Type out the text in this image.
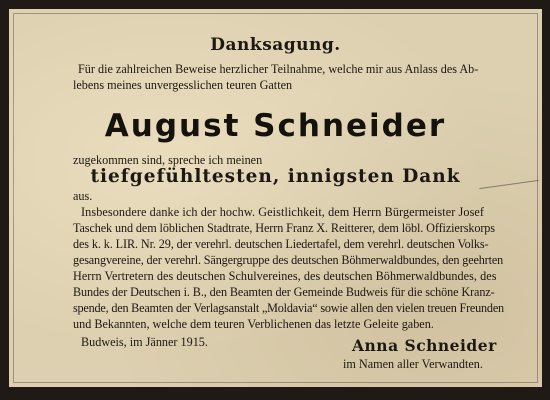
Danksagung.
Für die zahlreichen Beweise herzlicher Teilnahme, welche mir aus Anlass des Ab-
lebens meines unvergesslichen teuren Gatten
August Schneider
zugekommen sind, spreche ich meinen
tiefgefühltesten, innigsten Dank
aus.
Insbesondere danke ich der hochw. Geistlichkeit, dem Herrn Bürgermeister Josef
Taschek und dem löblichen Stadtrate, Herrn Franz X. Reitterer, dem löbl. Offizierskorps
des k. k. LIR. Nr. 29, der verehrl. deutschen Liedertafel, dem verehrl. deutschen Volks-
gesangvereine, der verehrl. Sängergruppe des deutschen Böhmerwaldbundes, den geehrten
Herrn Vertretern des deutschen Schulvereines, des deutschen Böhmerwaldbundes, des
Bundes der Deutschen i. B., den Beamten der Gemeinde Budweis für die schöne Kranz-
spende, den Beamten der Verlagsanstalt „Moldavia“ sowie allen den vielen treuen Freunden
und Bekannten, welche dem teuren Verblichenen das letzte Geleite gaben.
Budweis, im Jänner 1915.	Anna Schneider
im Namen aller Verwandten.
